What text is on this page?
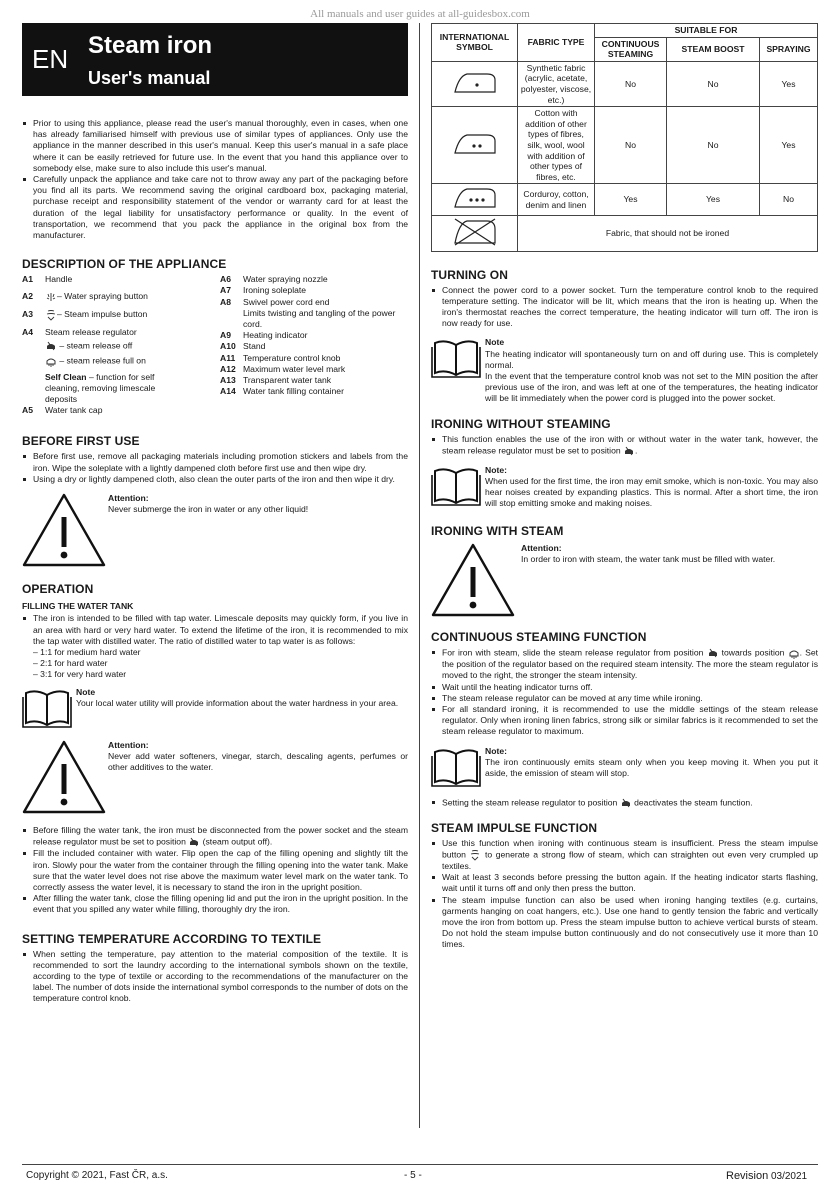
All manuals and user guides at all-guidesbox.com
EN Steam iron
User's manual
Prior to using this appliance, please read the user's manual thoroughly, even in cases, when one has already familiarised himself with previous use of similar types of appliances. Only use the appliance in the manner described in this user's manual. Keep this user's manual in a safe place where it can be easily retrieved for future use. In the event that you hand this appliance over to somebody else, make sure to also include this user's manual.
Carefully unpack the appliance and take care not to throw away any part of the packaging before you find all its parts. We recommend saving the original cardboard box, packaging material, purchase receipt and responsibility statement of the vendor or warranty card for at least the duration of the legal liability for unsatisfactory performance or quality. In the event of transportation, we recommend that you pack the appliance in the original box from the manufacturer.
DESCRIPTION OF THE APPLIANCE
A1	Handle
A2	– Water spraying button
A3	– Steam impulse button
A4	Steam release regulator
– steam release off
– steam release full on
Self Clean – function for self cleaning, removing limescale deposits
A5	Water tank cap
A6	Water spraying nozzle
A7	Ironing soleplate
A8	Swivel power cord end
Limits twisting and tangling of the power cord.
A9	Heating indicator
A10 Stand
A11 Temperature control knob
A12 Maximum water level mark
A13 Transparent water tank
A14 Water tank filling container
BEFORE FIRST USE
Before first use, remove all packaging materials including promotion stickers and labels from the iron. Wipe the soleplate with a lightly dampened cloth before first use and then wipe dry.
Using a dry or lightly dampened cloth, also clean the outer parts of the iron and then wipe it dry.
Attention:
Never submerge the iron in water or any other liquid!
OPERATION
FILLING THE WATER TANK
The iron is intended to be filled with tap water. Limescale deposits may quickly form, if you live in an area with hard or very hard water. To extend the lifetime of the iron, it is recommended to mix the tap water with distilled water. The ratio of distilled water to tap water is as follows:
– 1:1 for medium hard water
– 2:1 for hard water
– 3:1 for very hard water
Note
Your local water utility will provide information about the water hardness in your area.
Attention:
Never add water softeners, vinegar, starch, descaling agents, perfumes or other additives to the water.
Before filling the water tank, the iron must be disconnected from the power socket and the steam release regulator must be set to position  (steam output off).
Fill the included container with water. Flip open the cap of the filling opening and slightly tilt the iron. Slowly pour the water from the container through the filling opening into the water tank. Make sure that the water level does not rise above the maximum water level mark on the water tank. To correctly assess the water level, it is necessary to stand the iron in the upright position.
After filling the water tank, close the filling opening lid and put the iron in the upright position. In the event that you spilled any water while filling, thoroughly dry the iron.
SETTING TEMPERATURE ACCORDING TO TEXTILE
When setting the temperature, pay attention to the material composition of the textile. It is recommended to sort the laundry according to the international symbols shown on the textile, according to the type of textile or according to the recommendations of the manufacturer on the label. The number of dots inside the international symbol corresponds to the number of dots on the temperature control knob.
INTERNATIONAL SYMBOL	FABRIC TYPE	SUITABLE FOR		
		CONTINUOUS STEAMING	STEAM BOOST	SPRAYING
	Synthetic fabric (acrylic, acetate, polyester, viscose, etc.)	No	No	Yes
	Cotton with addition of other types of fibres, silk, wool, wool with addition of other types of fibres, etc.	No	No	Yes
	Corduroy, cotton, denim and linen	Yes	Yes	No
	Fabric, that should not be ironed			
TURNING ON
Connect the power cord to a power socket. Turn the temperature control knob to the required temperature setting. The indicator will be lit, which means that the iron is heating up. When the iron's thermostat reaches the correct temperature, the heating indicator will turn off. The iron is now ready for use.
Note
The heating indicator will spontaneously turn on and off during use. This is completely normal.
In the event that the temperature control knob was not set to the MIN position the after previous use of the iron, and was left at one of the temperatures, the heating indicator will be lit immediately when the power cord is plugged into the power socket.
IRONING WITHOUT STEAMING
This function enables the use of the iron with or without water in the water tank, however, the steam release regulator must be set to position .
Note:
When used for the first time, the iron may emit smoke, which is non-toxic. You may also hear noises created by expanding plastics. This is normal. After a short time, the iron will stop emitting smoke and making noises.
IRONING WITH STEAM
Attention:
In order to iron with steam, the water tank must be filled with water.
CONTINUOUS STEAMING FUNCTION
For iron with steam, slide the steam release regulator from position  towards position . Set the position of the regulator based on the required steam intensity. The more the steam regulator is moved to the right, the stronger the steam intensity.
Wait until the heating indicator turns off.
The steam release regulator can be moved at any time while ironing.
For all standard ironing, it is recommended to use the middle settings of the steam release regulator. Only when ironing linen fabrics, strong silk or similar fabrics is it recommended to set the steam release regulator to maximum.
Note:
The iron continuously emits steam only when you keep moving it. When you put it aside, the emission of steam will stop.
Setting the steam release regulator to position  deactivates the steam function.
STEAM IMPULSE FUNCTION
Use this function when ironing with continuous steam is insufficient. Press the steam impulse button  to generate a strong flow of steam, which can straighten out even very crumpled up textiles.
Wait at least 3 seconds before pressing the button again. If the heating indicator starts flashing, wait until it turns off and only then press the button.
The steam impulse function can also be used when ironing hanging textiles (e.g. curtains, garments hanging on coat hangers, etc.). Use one hand to gently tension the fabric and vertically move the iron from bottom up. Press the steam impulse button to achieve vertical bursts of steam. Do not hold the steam impulse button continuously and do not consecutively use it more than 10 times.
Copyright © 2021, Fast ČR, a.s.	- 5 -	Revision 03/2021
